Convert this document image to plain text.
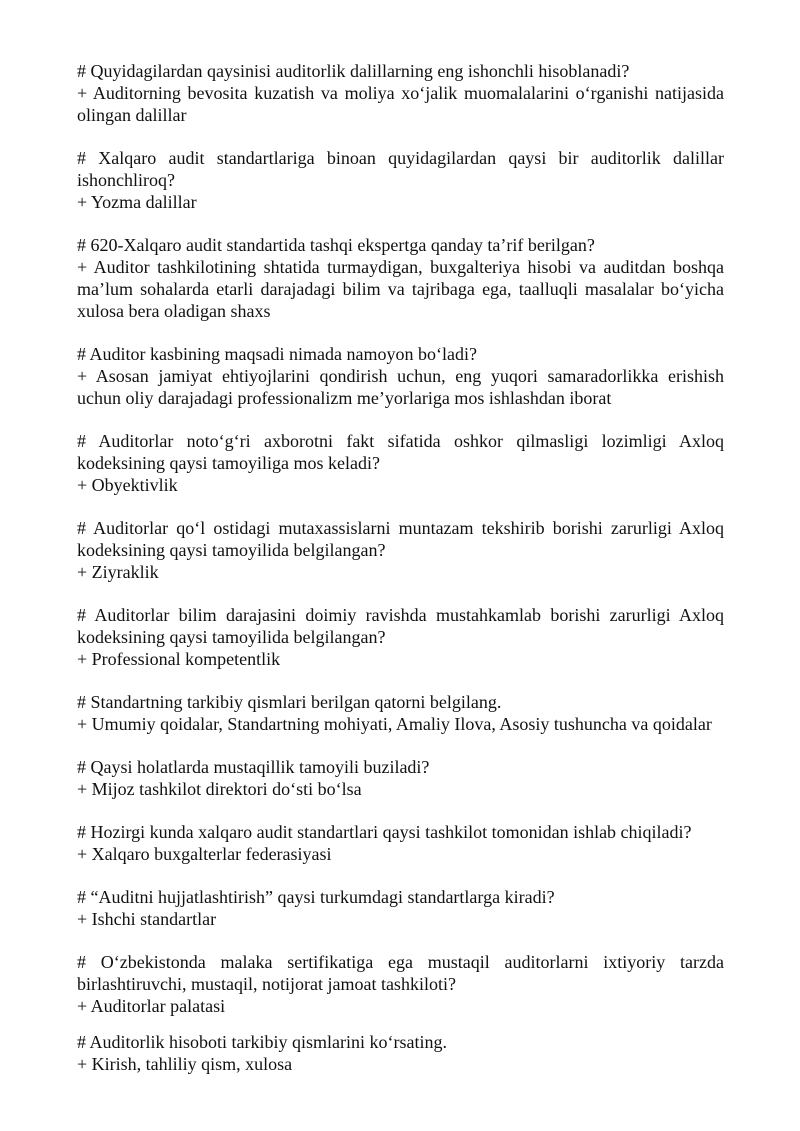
# Quyidagilardan qaysinisi auditorlik dalillarning eng ishonchli hisoblanadi?
+ Auditorning bevosita kuzatish va moliya xo‘jalik muomalalarini o‘rganishi natijasida olingan dalillar
# Xalqaro audit standartlariga binoan quyidagilardan qaysi bir auditorlik dalillar ishonchliroq?
+ Yozma dalillar
# 620-Xalqaro audit standartida tashqi ekspertga qanday ta’rif berilgan?
+ Auditor tashkilotining shtatida turmaydigan, buxgalteriya hisobi va auditdan boshqa ma’lum sohalarda etarli darajadagi bilim va tajribaga ega, taalluqli masalalar bo‘yicha xulosa bera oladigan shaxs
# Auditor kasbining maqsadi nimada namoyon bo‘ladi?
+ Asosan jamiyat ehtiyojlarini qondirish uchun, eng yuqori samaradorlikka erishish uchun oliy darajadagi professionalizm me’yorlariga mos ishlashdan iborat
# Auditorlar noto‘g‘ri axborotni fakt sifatida oshkor qilmasligi lozimligi Axloq kodeksining qaysi tamoyiliga mos keladi?
+ Obyektivlik
# Auditorlar qo‘l ostidagi mutaxassislarni muntazam tekshirib borishi zarurligi Axloq kodeksining qaysi tamoyilida belgilangan?
+ Ziyraklik
# Auditorlar bilim darajasini doimiy ravishda mustahkamlab borishi zarurligi Axloq kodeksining qaysi tamoyilida belgilangan?
+ Professional kompetentlik
# Standartning tarkibiy qismlari berilgan qatorni belgilang.
+ Umumiy qoidalar, Standartning mohiyati, Amaliy Ilova, Asosiy tushuncha va qoidalar
# Qaysi holatlarda mustaqillik tamoyili buziladi?
+ Mijoz tashkilot direktori do‘sti bo‘lsa
# Hozirgi kunda xalqaro audit standartlari qaysi tashkilot tomonidan ishlab chiqiladi?
+ Xalqaro buxgalterlar federasiyasi
# “Auditni hujjatlashtirish” qaysi turkumdagi standartlarga kiradi?
+ Ishchi standartlar
# O‘zbekistonda malaka sertifikatiga ega mustaqil auditorlarni ixtiyoriy tarzda birlashtiruvchi, mustaqil, notijorat jamoat tashkiloti?
+ Auditorlar palatasi
# Auditorlik hisoboti tarkibiy qismlarini ko‘rsating.
+ Kirish, tahliliy qism, xulosa
